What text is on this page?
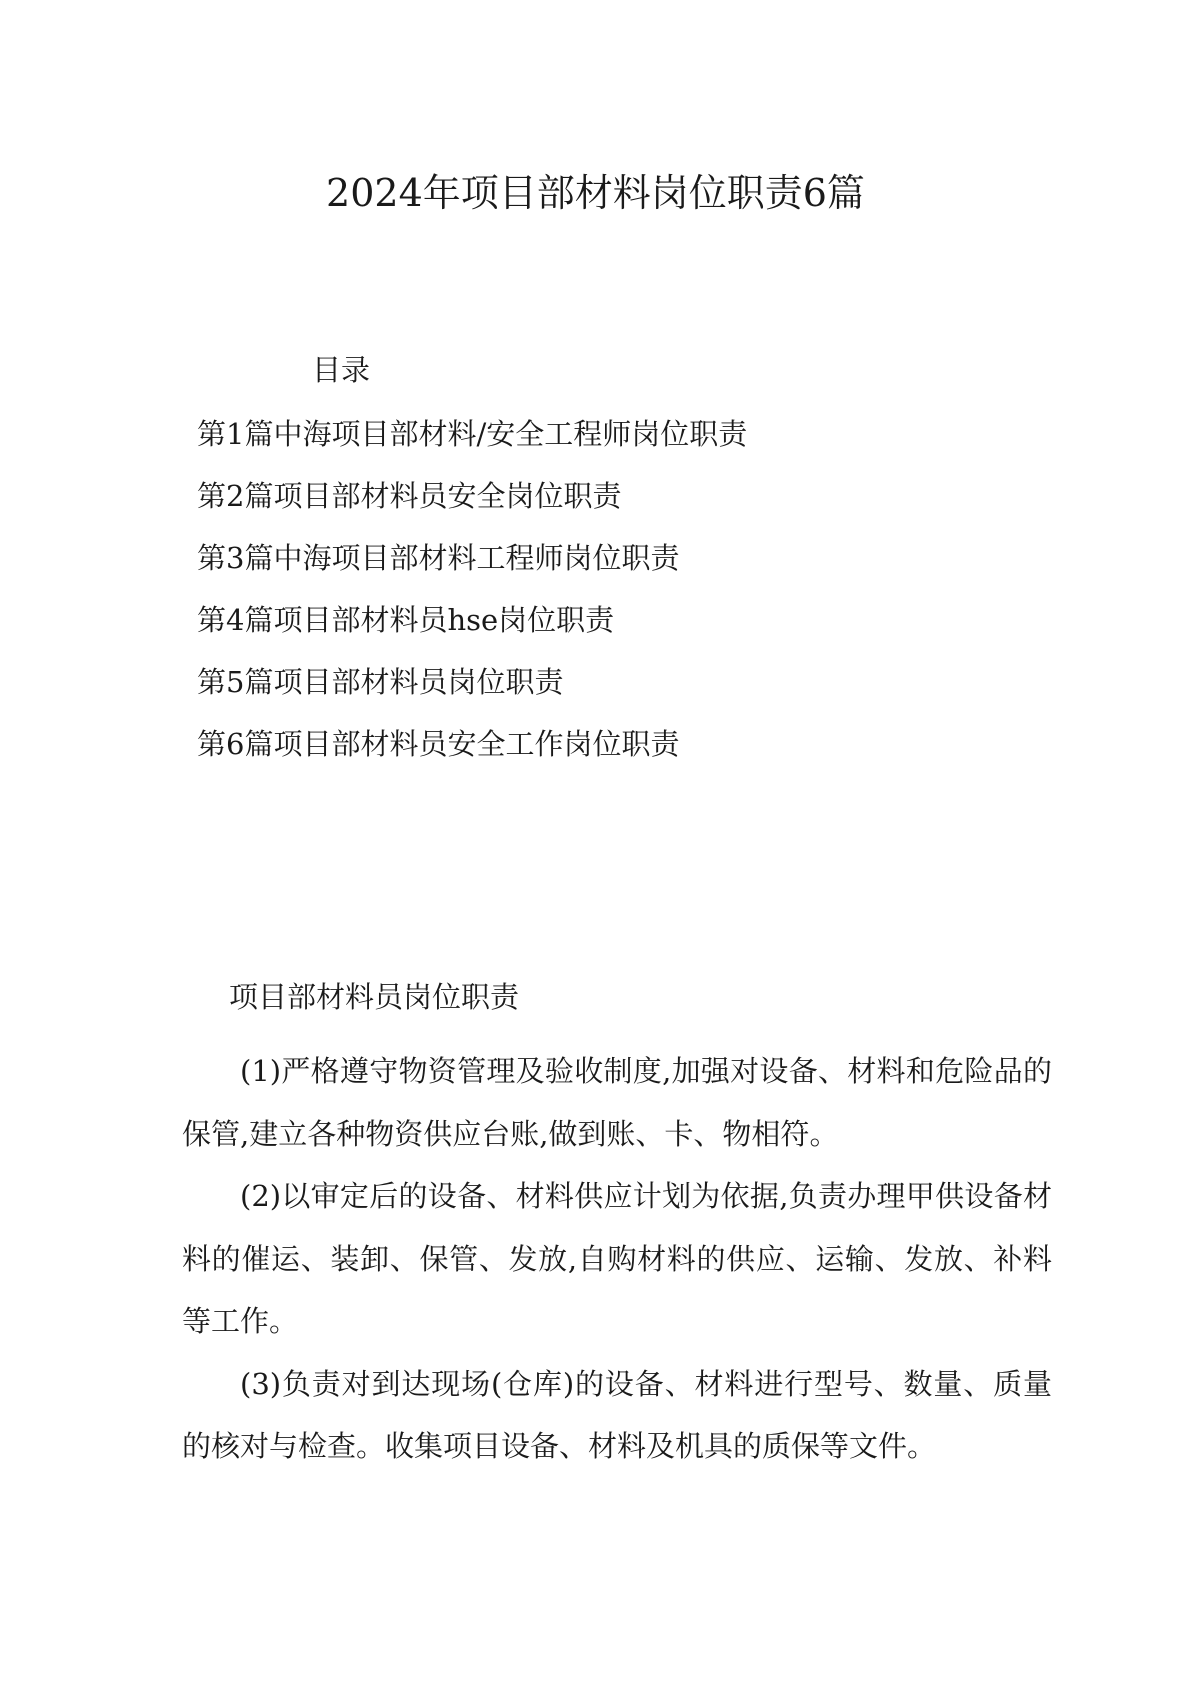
2024年项目部材料岗位职责6篇
目录
第1篇中海项目部材料/安全工程师岗位职责
第2篇项目部材料员安全岗位职责
第3篇中海项目部材料工程师岗位职责
第4篇项目部材料员hse岗位职责
第5篇项目部材料员岗位职责
第6篇项目部材料员安全工作岗位职责
项目部材料员岗位职责

(1)严格遵守物资管理及验收制度,加强对设备、材料和危险品的保管,建立各种物资供应台账,做到账、卡、物相符。

(2)以审定后的设备、材料供应计划为依据,负责办理甲供设备材料的催运、装卸、保管、发放,自购材料的供应、运输、发放、补料等工作。

(3)负责对到达现场(仓库)的设备、材料进行型号、数量、质量的核对与检查。收集项目设备、材料及机具的质保等文件。
